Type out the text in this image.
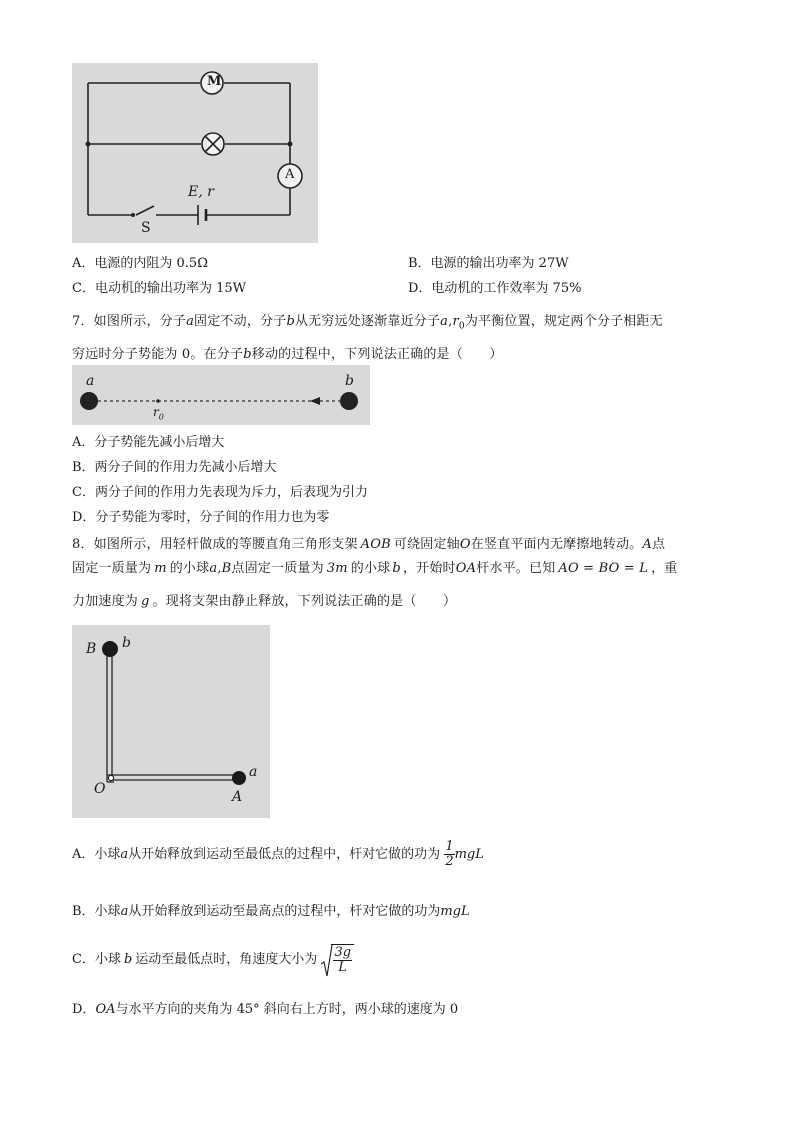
M
A
E, r
S
A．电源的内阻为 0.5Ω	B．电源的输出功率为 27W
C．电动机的输出功率为 15W	D．电动机的工作效率为 75%
7．如图所示，分子a固定不动，分子b从无穷远处逐渐靠近分子$a,r_0$为平衡位置，规定两个分子相距无
穷远时分子势能为 0。在分子b移动的过程中，下列说法正确的是（　　）
a	b
$r_0$
A．分子势能先减小后增大
B．两分子间的作用力先减小后增大
C．两分子间的作用力先表现为斥力，后表现为引力
D．分子势能为零时，分子间的作用力也为零
8．如图所示，用轻杆做成的等腰直角三角形支架 AOB 可绕固定轴O在竖直平面内无摩擦地转动。A点
固定一质量为 m 的小球a,B点固定一质量为 3m 的小球 b ，开始时OA杆水平。已知 AO = BO = L ，重
力加速度为 g 。现将支架由静止释放，下列说法正确的是（　　）
B b
O	A
a
A．小球a从开始释放到运动至最低点的过程中，杆对它做的功为 $\frac{1}{2}$ mgL
B．小球a从开始释放到运动至最高点的过程中，杆对它做的功为mgL
C．小球 b 运动至最低点时，角速度大小为 $\frac{3g}{L}$
D．OA与水平方向的夹角为 45° 斜向右上方时，两小球的速度为 0
